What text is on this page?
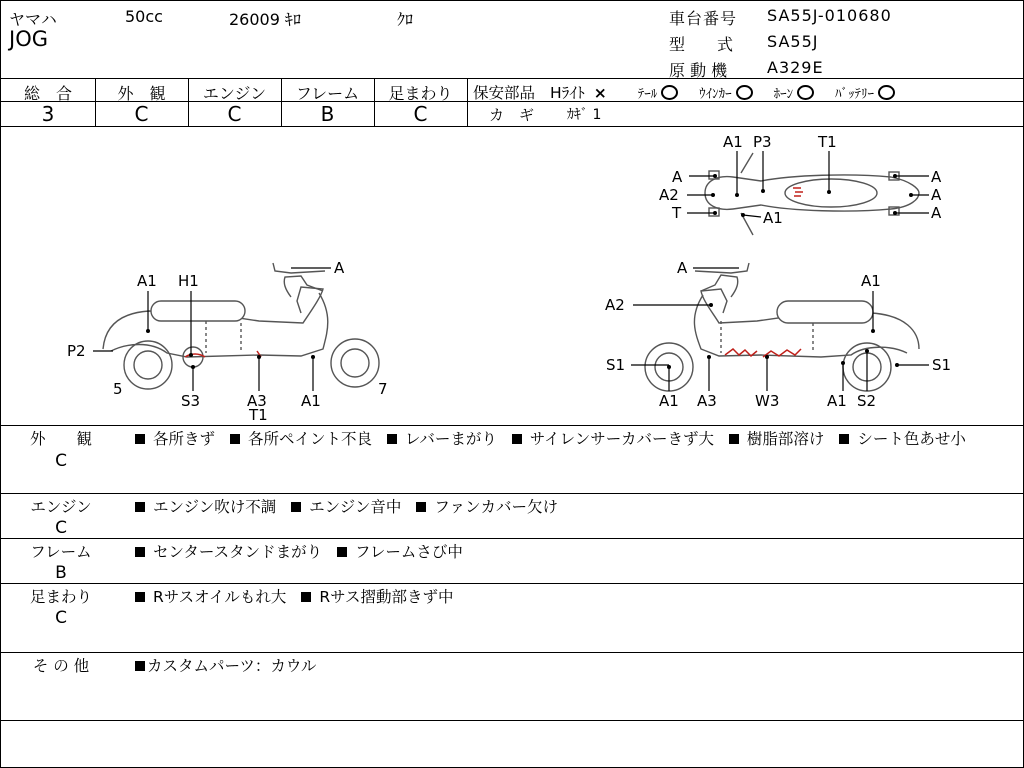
ヤマハ	50cc	26009 ｷﾛ	ｸﾛ
JOG
車台番号 SA55J-010680
型　　式 SA55J
原 動 機 A329E
総　合
3
外　観
C
エンジン
C
フレーム
B
足まわり
C
保安部品 Hﾗｲﾄ × ﾃｰﾙ	ｳｲﾝｶｰ	ﾎｰﾝ	ﾊﾞｯﾃﾘｰ
カ　ギ ｶｷﾞ 1
A
A1 H1
P2
5
S3	A3
T1
A1
7
A
A2
A1
S1	S1
A1 A3	W3	A1 S2
A1 P3	T1
A
A2
T	A1
A
A
A
外　　観
C
各所きず 各所ペイント不良 レバーまがり サイレンサーカバーきず大 樹脂部溶け シート色あせ小
エンジン
C
エンジン吹け不調 エンジン音中 ファンカバー欠け
フレーム
B
センタースタンドまがり フレームさび中
足まわり
C
Rサスオイルもれ大 Rサス摺動部きず中
そ の 他	カスタムパーツ：カウル
